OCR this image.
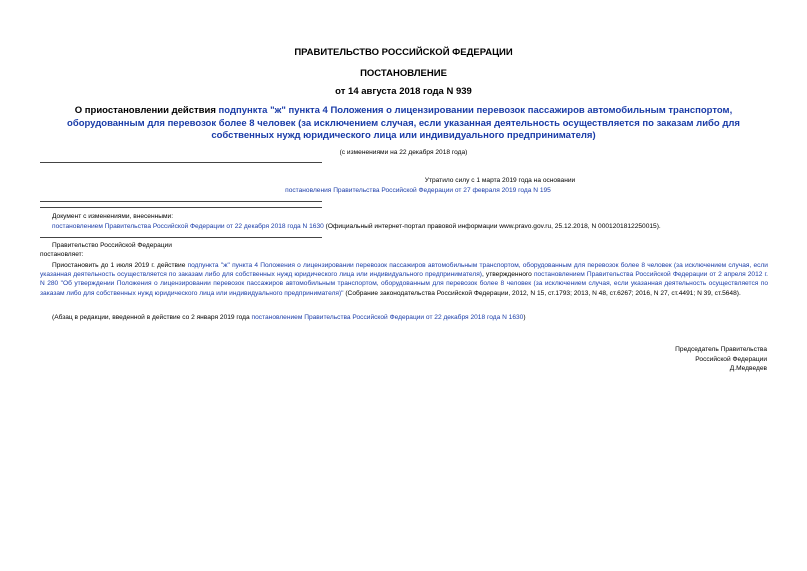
ПРАВИТЕЛЬСТВО РОССИЙСКОЙ ФЕДЕРАЦИИ
ПОСТАНОВЛЕНИЕ
от 14 августа 2018 года N 939
О приостановлении действия подпункта "ж" пункта 4 Положения о лицензировании перевозок пассажиров автомобильным транспортом, оборудованным для перевозок более 8 человек (за исключением случая, если указанная деятельность осуществляется по заказам либо для собственных нужд юридического лица или индивидуального предпринимателя)
(с изменениями на 22 декабря 2018 года)
Утратило силу с 1 марта 2019 года на основании
постановления Правительства Российской Федерации от 27 февраля 2019 года N 195
Документ с изменениями, внесенными:
постановлением Правительства Российской Федерации от 22 декабря 2018 года N 1630 (Официальный интернет-портал правовой информации www.pravo.gov.ru, 25.12.2018, N 0001201812250015).
Правительство Российской Федерации
постановляет:
Приостановить до 1 июля 2019 г. действие подпункта "ж" пункта 4 Положения о лицензировании перевозок пассажиров автомобильным транспортом, оборудованным для перевозок более 8 человек (за исключением случая, если указанная деятельность осуществляется по заказам либо для собственных нужд юридического лица или индивидуального предпринимателя), утвержденного постановлением Правительства Российской Федерации от 2 апреля 2012 г. N 280 "Об утверждении Положения о лицензировании перевозок пассажиров автомобильным транспортом, оборудованным для перевозок более 8 человек (за исключением случая, если указанная деятельность осуществляется по заказам либо для собственных нужд юридического лица или индивидуального предпринимателя)" (Собрание законодательства Российской Федерации, 2012, N 15, ст.1793; 2013, N 48, ст.6267; 2016, N 27, ст.4491; N 39, ст.5648).
(Абзац в редакции, введенной в действие со 2 января 2019 года постановлением Правительства Российской Федерации от 22 декабря 2018 года N 1630)
Председатель Правительства
Российской Федерации
Д.Медведев
